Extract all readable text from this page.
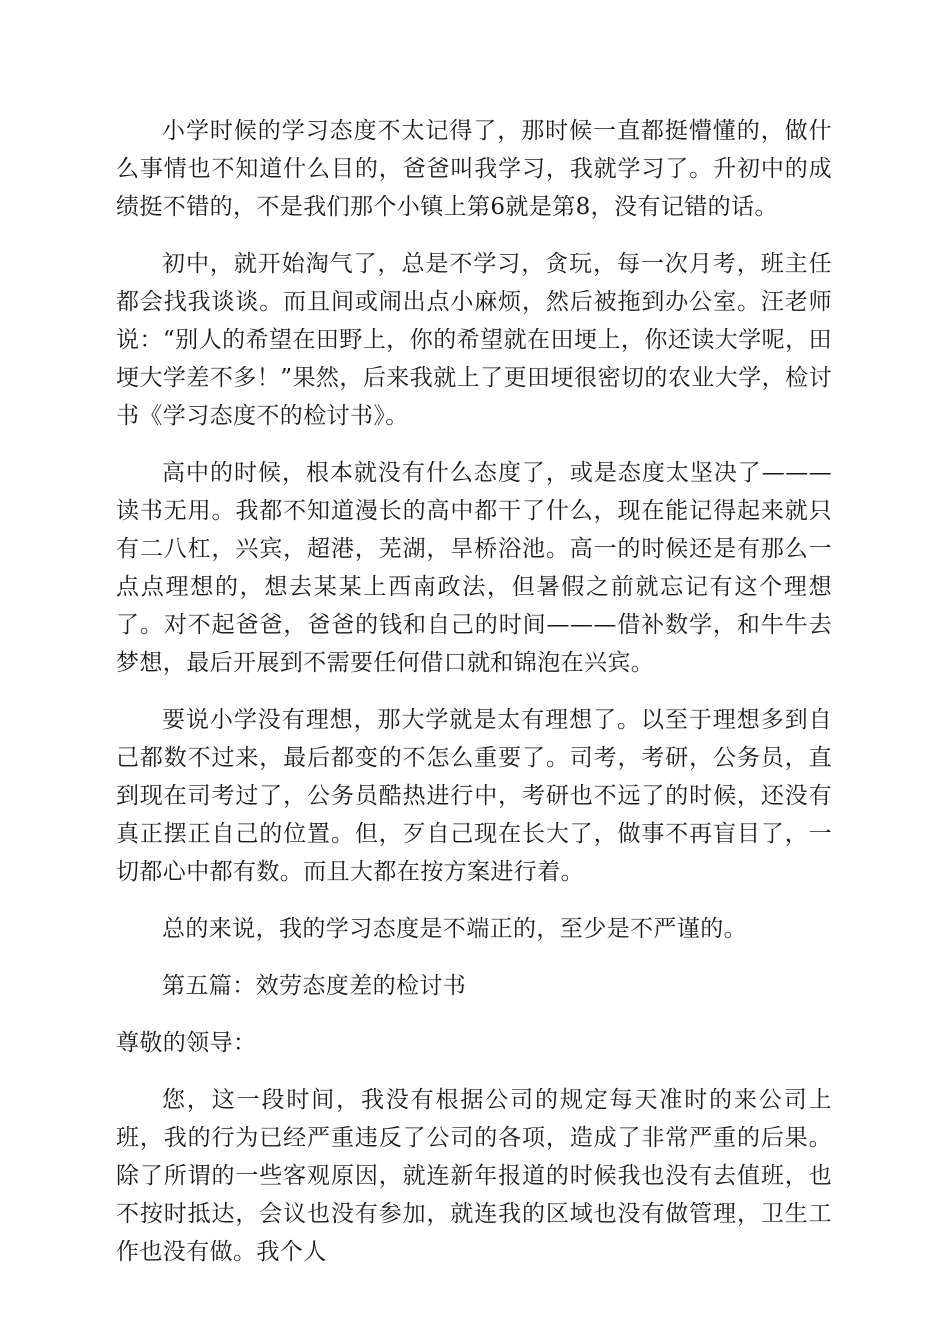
小学时候的学习态度不太记得了，那时候一直都挺懵懂的，做什么事情也不知道什么目的，爸爸叫我学习，我就学习了。升初中的成绩挺不错的，不是我们那个小镇上第6就是第8，没有记错的话。

初中，就开始淘气了，总是不学习，贪玩，每一次月考，班主任都会找我谈谈。而且间或闹出点小麻烦，然后被拖到办公室。汪老师说：“别人的希望在田野上，你的希望就在田埂上，你还读大学呢，田埂大学差不多！”果然，后来我就上了更田埂很密切的农业大学，检讨书《学习态度不的检讨书》。

高中的时候，根本就没有什么态度了，或是态度太坚决了———读书无用。我都不知道漫长的高中都干了什么，现在能记得起来就只有二八杠，兴宾，超港，芜湖，旱桥浴池。高一的时候还是有那么一点点理想的，想去某某上西南政法，但暑假之前就忘记有这个理想了。对不起爸爸，爸爸的钱和自己的时间———借补数学，和牛牛去梦想，最后开展到不需要任何借口就和锦泡在兴宾。

要说小学没有理想，那大学就是太有理想了。以至于理想多到自己都数不过来，最后都变的不怎么重要了。司考，考研，公务员，直到现在司考过了，公务员酷热进行中，考研也不远了的时候，还没有真正摆正自己的位置。但，歹自己现在长大了，做事不再盲目了，一切都心中都有数。而且大都在按方案进行着。

总的来说，我的学习态度是不端正的，至少是不严谨的。

第五篇：效劳态度差的检讨书

尊敬的领导：

您，这一段时间，我没有根据公司的规定每天准时的来公司上班，我的行为已经严重违反了公司的各项，造成了非常严重的后果。除了所谓的一些客观原因，就连新年报道的时候我也没有去值班，也不按时抵达，会议也没有参加，就连我的区域也没有做管理，卫生工作也没有做。我个人
